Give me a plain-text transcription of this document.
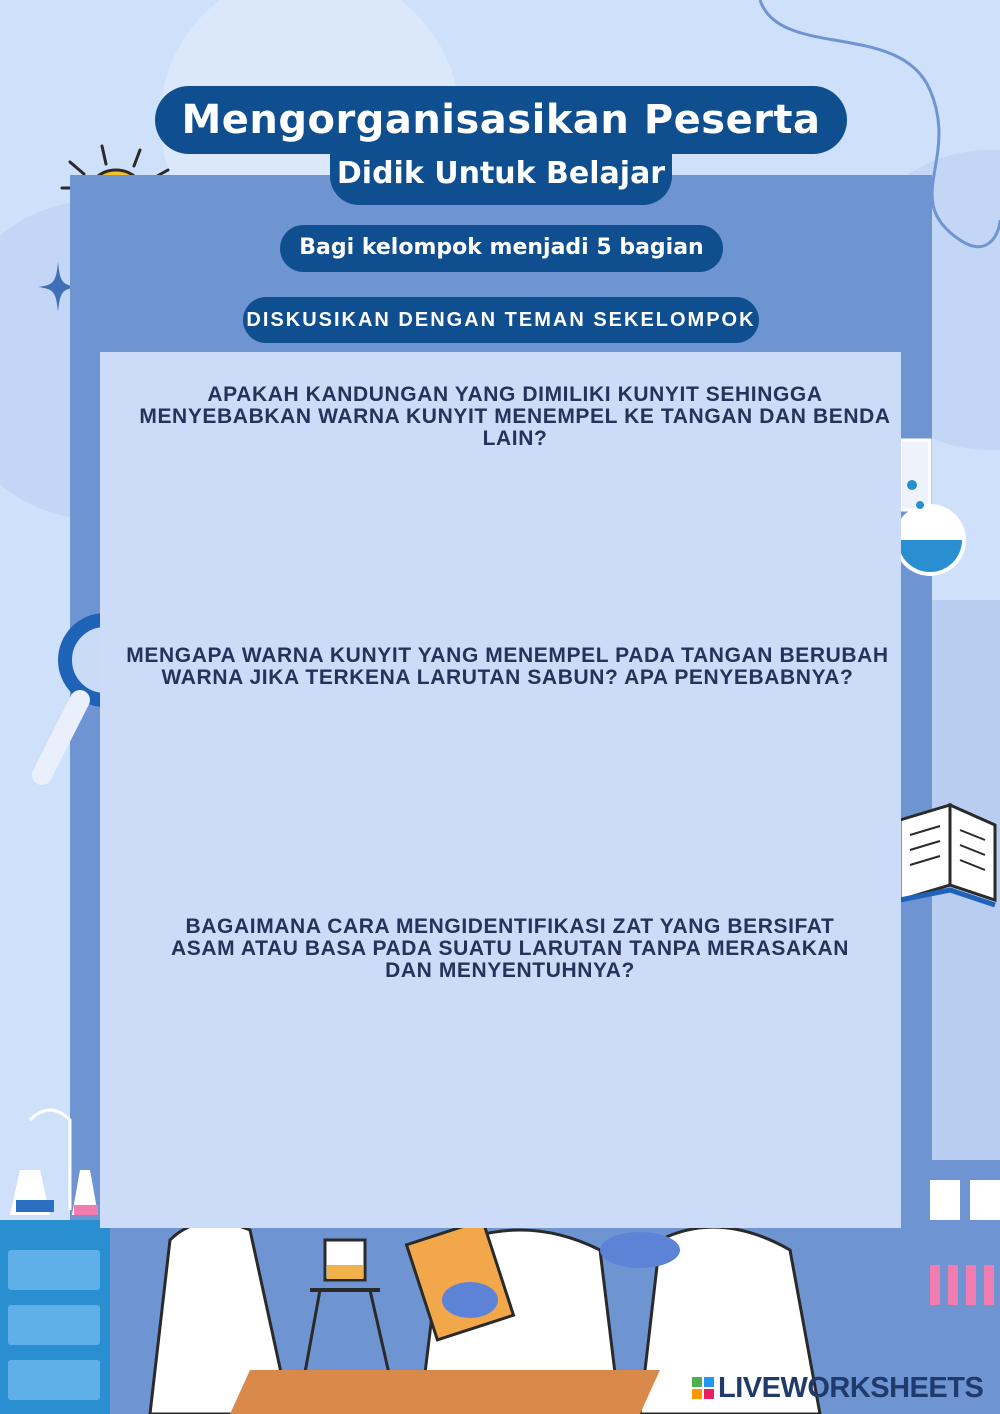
Mengorganisasikan Peserta
Didik Untuk Belajar
Bagi kelompok menjadi 5 bagian
DISKUSIKAN DENGAN TEMAN SEKELOMPOK
APAKAH KANDUNGAN YANG DIMILIKI KUNYIT SEHINGGA MENYEBABKAN WARNA KUNYIT MENEMPEL KE TANGAN DAN BENDA LAIN?
MENGAPA WARNA KUNYIT YANG MENEMPEL PADA TANGAN BERUBAH WARNA JIKA TERKENA LARUTAN SABUN? APA PENYEBABNYA?
BAGAIMANA CARA MENGIDENTIFIKASI ZAT YANG BERSIFAT ASAM ATAU BASA PADA SUATU LARUTAN TANPA MERASAKAN DAN MENYENTUHNYA?
LIVEWORKSHEETS
